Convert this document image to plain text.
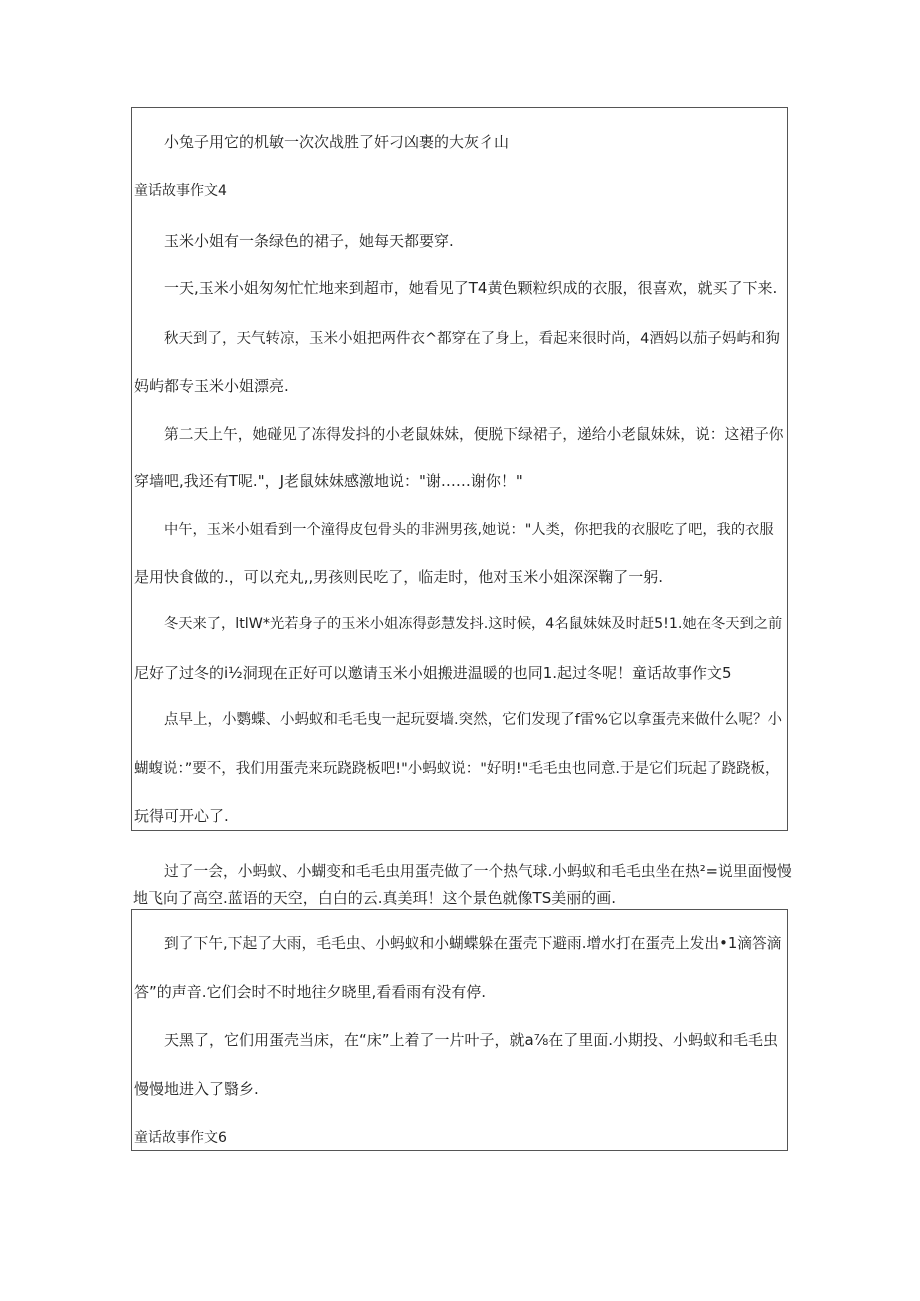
小兔子用它的机敏一次次战胜了奸刁凶裹的大灰彳山
童话故事作文4
玉米小姐有一条绿色的裙子，她每天都要穿.
一天,玉米小姐匆匆忙忙地来到超市，她看见了T4黄色颗粒织成的衣服，很喜欢，就买了下来.
秋天到了，天气转凉，玉米小姐把两件衣^都穿在了身上，看起来很时尚，4酒妈以茄子妈屿和狗
妈屿都专玉米小姐漂亮.
第二天上午，她碰见了冻得发抖的小老鼠妹妹，便脱下绿裙子，递给小老鼠妹妹，说：这裙子你
穿墙吧,我还有T呢."，J老鼠妹妹感激地说："谢……谢你！"
中午，玉米小姐看到一个潼得皮包骨头的非洲男孩,她说："人类，你把我的衣服吃了吧，我的衣服
是用快食做的.，可以充丸,,男孩则民吃了，临走时，他对玉米小姐深深鞠了一躬.
冬天来了，ltlW*光若身子的玉米小姐冻得彭慧发抖.这时候，4名鼠妹妹及时赶5!1.她在冬天到之前
尼好了过冬的i½洞现在正好可以邀请玉米小姐搬进温暖的也同1.起过冬呢！童话故事作文5
点早上，小鹦蝶、小蚂蚁和毛毛曳一起玩耍墙.突然，它们发现了f雷%它以拿蛋壳来做什么呢？小
蝴蝮说：”要不，我们用蛋壳来玩跷跷板吧!"小蚂蚁说："好明!"毛毛虫也同意.于是它们玩起了跷跷板，
玩得可开心了.
过了一会，小蚂蚁、小蝴变和毛毛虫用蛋壳做了一个热气球.小蚂蚁和毛毛虫坐在热²=说里面慢慢
地飞向了高空.蓝语的天空，白白的云.真美珥！这个景色就像TS美丽的画.
到了下午,下起了大雨，毛毛虫、小蚂蚁和小蝴蝶躲在蛋壳下避雨.增水打在蛋壳上发出•1滴答滴
答”的声音.它们会时不时地往夕晓里,看看雨有没有停.
天黑了，它们用蛋壳当床，在“床”上着了一片叶子，就a⅞在了里面.小期投、小蚂蚁和毛毛虫
慢慢地进入了翳乡.
童话故事作文6
